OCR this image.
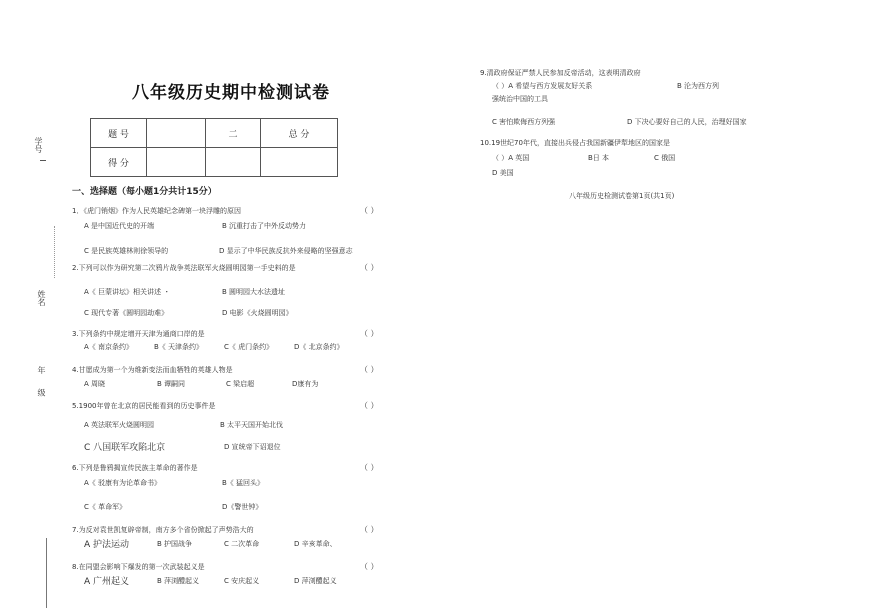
学号
姓名
年 级
八年级历史期中检测试卷
题 号		二	总 分
得 分			
一、选择题（每小题1分共计15分）
1．《虎门销烟》作为人民英雄纪念碑第一块浮雕的原因	（ ）
A 是中国近代史的开端	B 沉重打击了中外反动势力
C 是民族英雄林则徐领导的	D 显示了中华民族反抗外来侵略的坚强意志
2.下列可以作为研究第二次鸦片战争英法联军火烧圆明园第一手史料的是	（ ）
A《 巨蒙讲坛》相关讲述 ・	B 圆明园大水法遗址
C 现代专著《圆明园劫难》	D 电影《火烧圆明园》
3.下列条约中规定增开天津为通商口岸的是	（ ）
A《 南京条约》	B《 天津条约》	C《 虎门条约》	D《 北京条约》
4.甘愿成为第一个为维新变法而血牺牲的英雄人物是	（ ）
A 周晓	B 谭嗣同	C 梁启超	D康有为
5.1900年曾在北京的居民能看到的历史事件是	（ ）
A 英法联军火烧圆明园	B 太平天国开始北伐
C 八国联军攻陷北京	D 宣统帝下诏退位
6.下列是鲁鸦揭宣传民族主革命的著作是	（ ）
A《 驳康有为论革命书》	B《 猛回头》
C《 革命军》	D《警世钟》
7.为反对袁世凯复辟帝制，南方多个省份掀起了声势浩大的	（ ）
A 护法运动	B 护国战争	C 二次革命	D 辛亥革命、
8.在同盟会影响下爆发的第一次武装起义是	（ ）
A 广州起义	B 萍浏醴起义	C 安庆起义	D 萍浏醴起义
9.清政府保证严禁人民参加反帝活动，这表明清政府
（ ）A 希望与西方发展友好关系	B 沦为西方列
强统治中国的工具
C 害怕欺侮西方列强	D 下决心要好自己的人民，治理好国家
10.19世纪70年代，直接出兵侵占我国新疆伊犁地区的国家是
（ ）A 英国	B日 本	C 俄国
D 美国
八年级历史检测试卷第1页(共1页)
